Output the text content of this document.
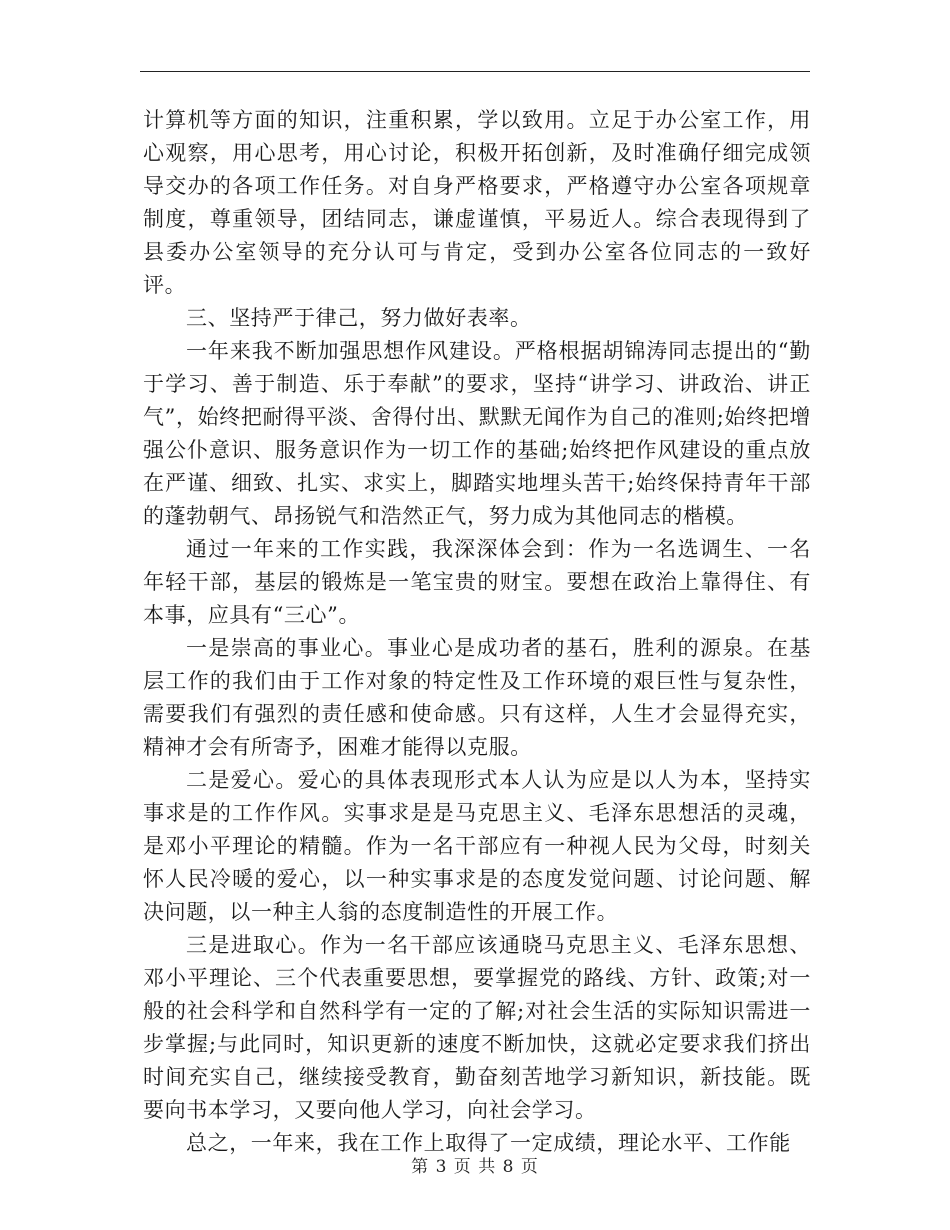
计算机等方面的知识，注重积累，学以致用。立足于办公室工作，用心观察，用心思考，用心讨论，积极开拓创新，及时准确仔细完成领导交办的各项工作任务。对自身严格要求，严格遵守办公室各项规章制度，尊重领导，团结同志，谦虚谨慎，平易近人。综合表现得到了县委办公室领导的充分认可与肯定，受到办公室各位同志的一致好评。

三、坚持严于律己，努力做好表率。

一年来我不断加强思想作风建设。严格根据胡锦涛同志提出的“勤于学习、善于制造、乐于奉献”的要求，坚持“讲学习、讲政治、讲正气”，始终把耐得平淡、舍得付出、默默无闻作为自己的准则;始终把增强公仆意识、服务意识作为一切工作的基础;始终把作风建设的重点放在严谨、细致、扎实、求实上，脚踏实地埋头苦干;始终保持青年干部的蓬勃朝气、昂扬锐气和浩然正气，努力成为其他同志的楷模。

通过一年来的工作实践，我深深体会到：作为一名选调生、一名年轻干部，基层的锻炼是一笔宝贵的财宝。要想在政治上靠得住、有本事，应具有“三心”。

一是崇高的事业心。事业心是成功者的基石，胜利的源泉。在基层工作的我们由于工作对象的特定性及工作环境的艰巨性与复杂性，需要我们有强烈的责任感和使命感。只有这样，人生才会显得充实，精神才会有所寄予，困难才能得以克服。

二是爱心。爱心的具体表现形式本人认为应是以人为本，坚持实事求是的工作作风。实事求是是马克思主义、毛泽东思想活的灵魂，是邓小平理论的精髓。作为一名干部应有一种视人民为父母，时刻关怀人民冷暖的爱心，以一种实事求是的态度发觉问题、讨论问题、解决问题，以一种主人翁的态度制造性的开展工作。

三是进取心。作为一名干部应该通晓马克思主义、毛泽东思想、邓小平理论、三个代表重要思想，要掌握党的路线、方针、政策;对一般的社会科学和自然科学有一定的了解;对社会生活的实际知识需进一步掌握;与此同时，知识更新的速度不断加快，这就必定要求我们挤出时间充实自己，继续接受教育，勤奋刻苦地学习新知识，新技能。既要向书本学习，又要向他人学习，向社会学习。

总之，一年来，我在工作上取得了一定成绩，理论水平、工作能

第 3 页 共 8 页
